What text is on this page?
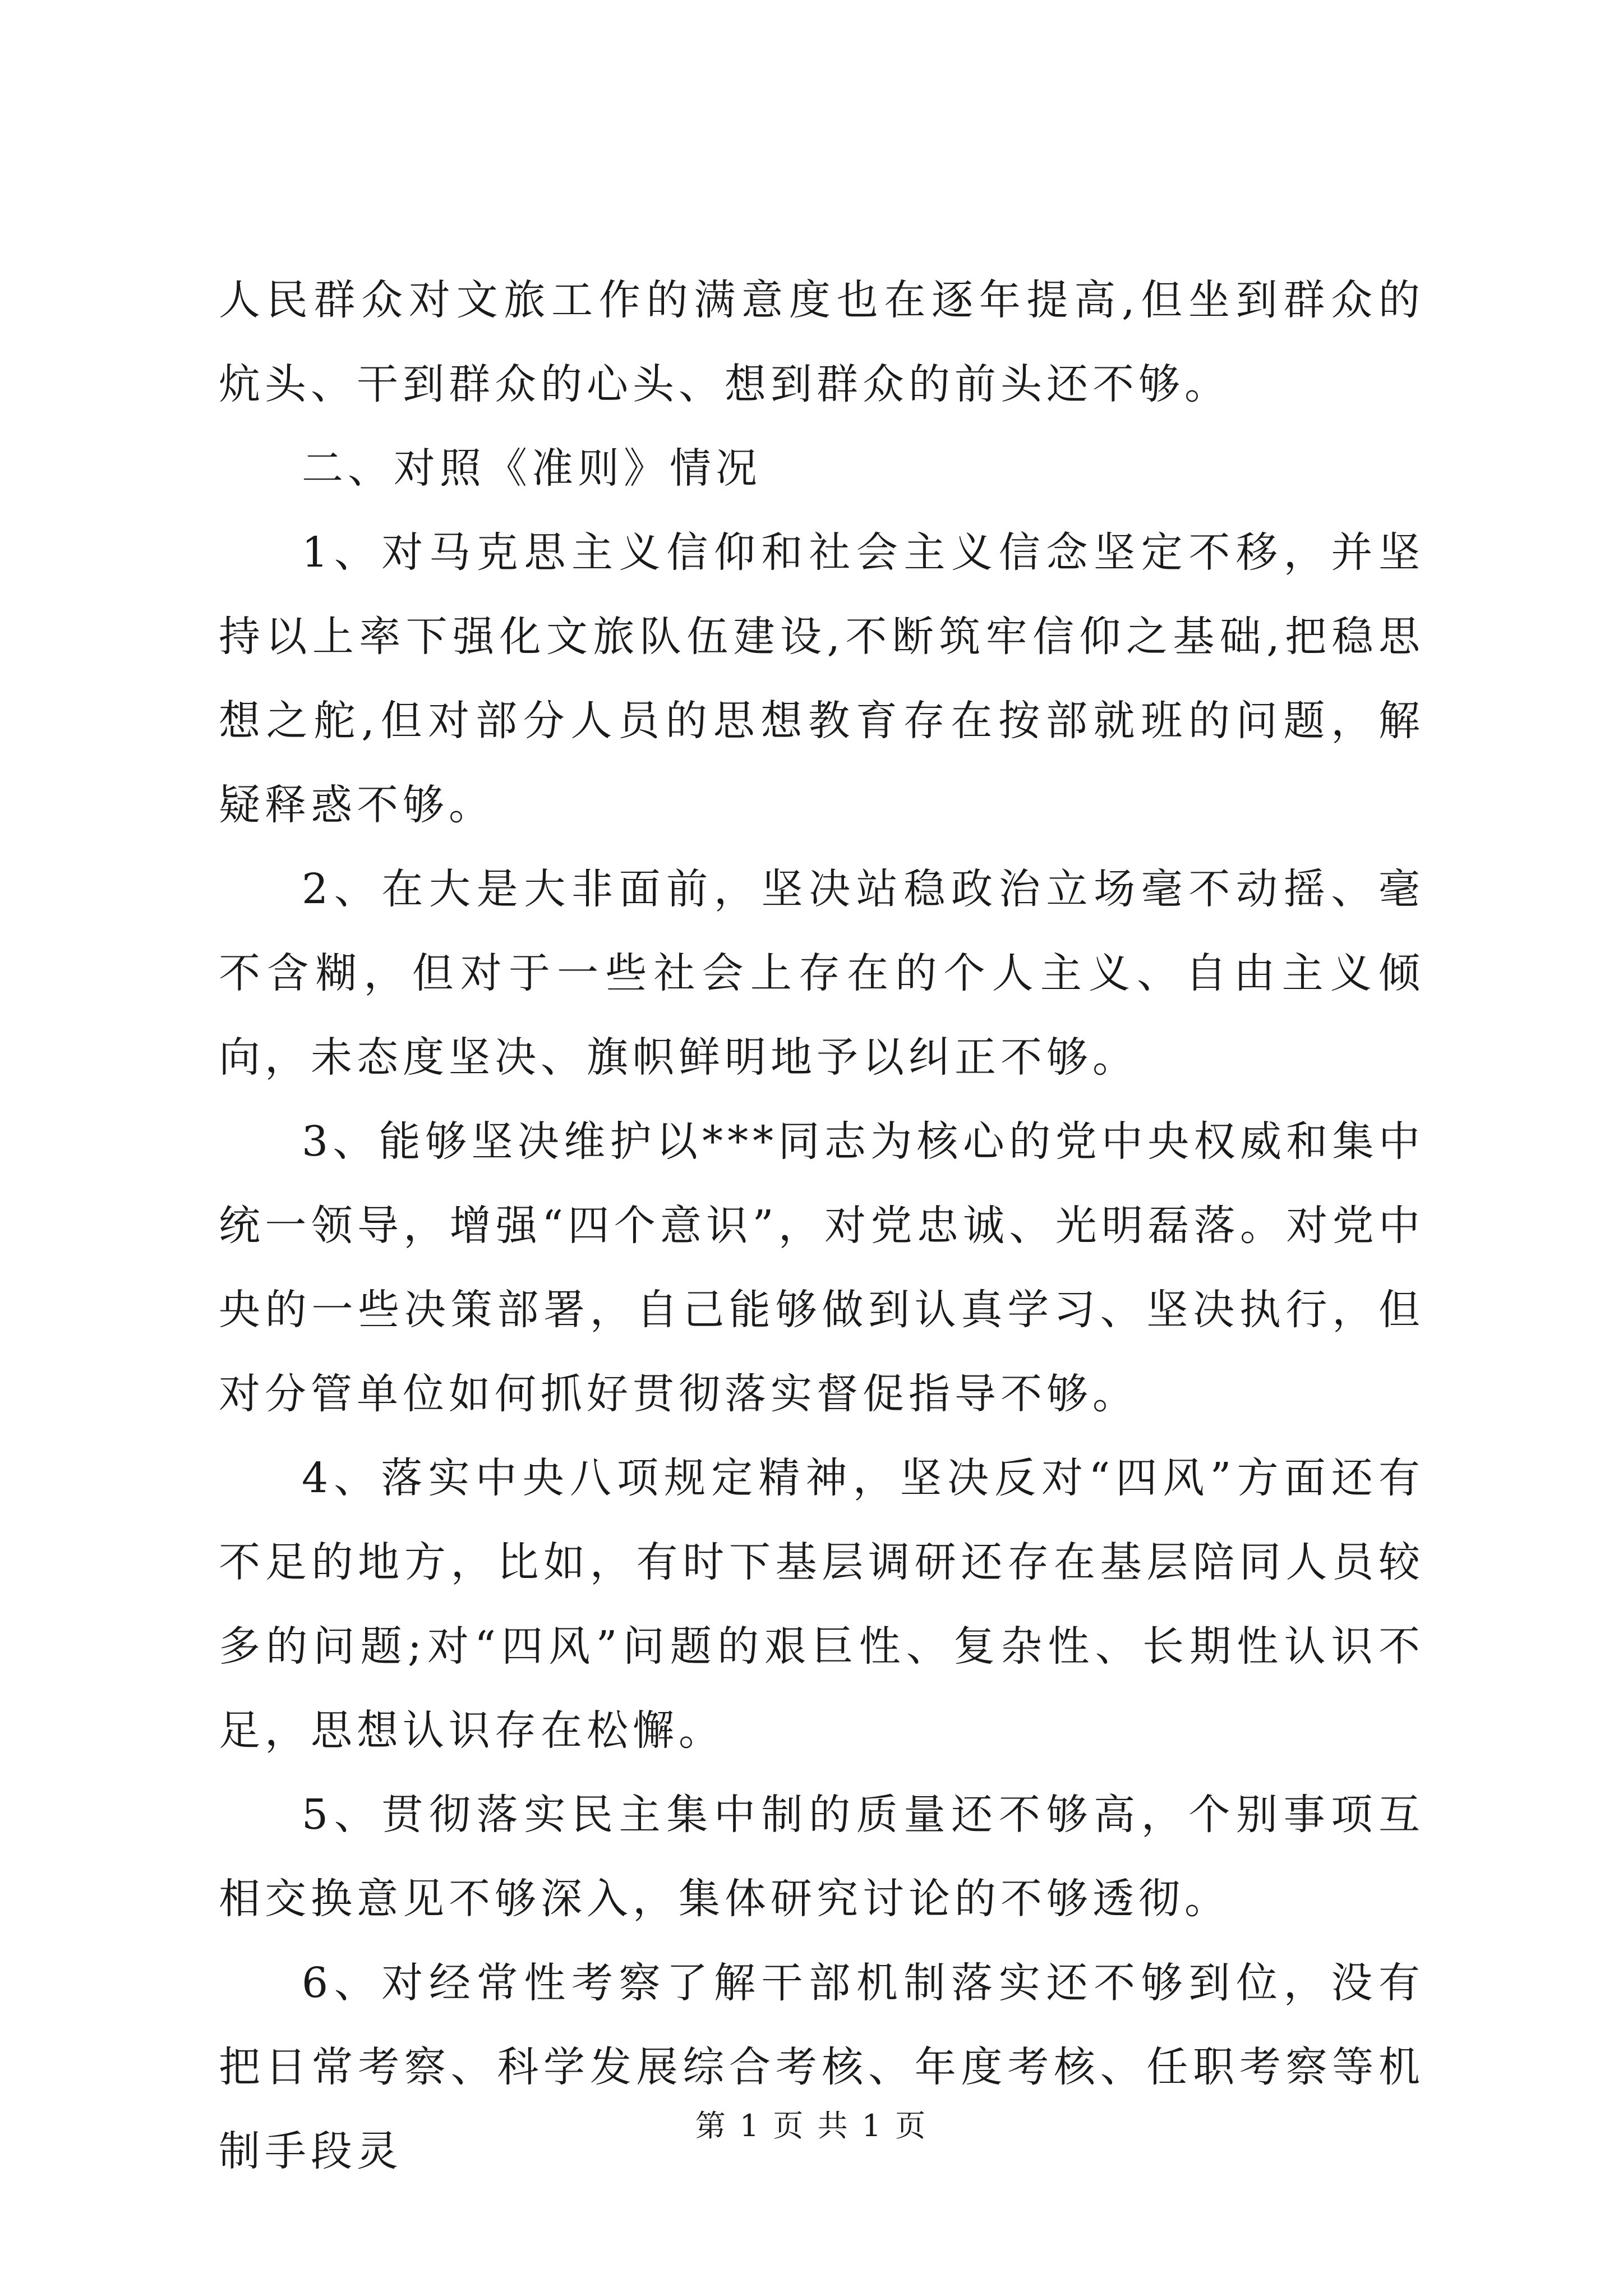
人民群众对文旅工作的满意度也在逐年提高,但坐到群众的炕头、干到群众的心头、想到群众的前头还不够。

二、对照《准则》情况

1、对马克思主义信仰和社会主义信念坚定不移，并坚持以上率下强化文旅队伍建设,不断筑牢信仰之基础,把稳思想之舵,但对部分人员的思想教育存在按部就班的问题，解疑释惑不够。

2、在大是大非面前，坚决站稳政治立场毫不动摇、毫不含糊，但对于一些社会上存在的个人主义、自由主义倾向，未态度坚决、旗帜鲜明地予以纠正不够。

3、能够坚决维护以***同志为核心的党中央权威和集中统一领导，增强“四个意识”，对党忠诚、光明磊落。对党中央的一些决策部署，自己能够做到认真学习、坚决执行，但对分管单位如何抓好贯彻落实督促指导不够。

4、落实中央八项规定精神，坚决反对“四风”方面还有不足的地方，比如，有时下基层调研还存在基层陪同人员较多的问题;对“四风”问题的艰巨性、复杂性、长期性认识不足，思想认识存在松懈。

5、贯彻落实民主集中制的质量还不够高，个别事项互相交换意见不够深入，集体研究讨论的不够透彻。

6、对经常性考察了解干部机制落实还不够到位，没有把日常考察、科学发展综合考核、年度考核、任职考察等机制手段灵

第 1 页 共 1 页
